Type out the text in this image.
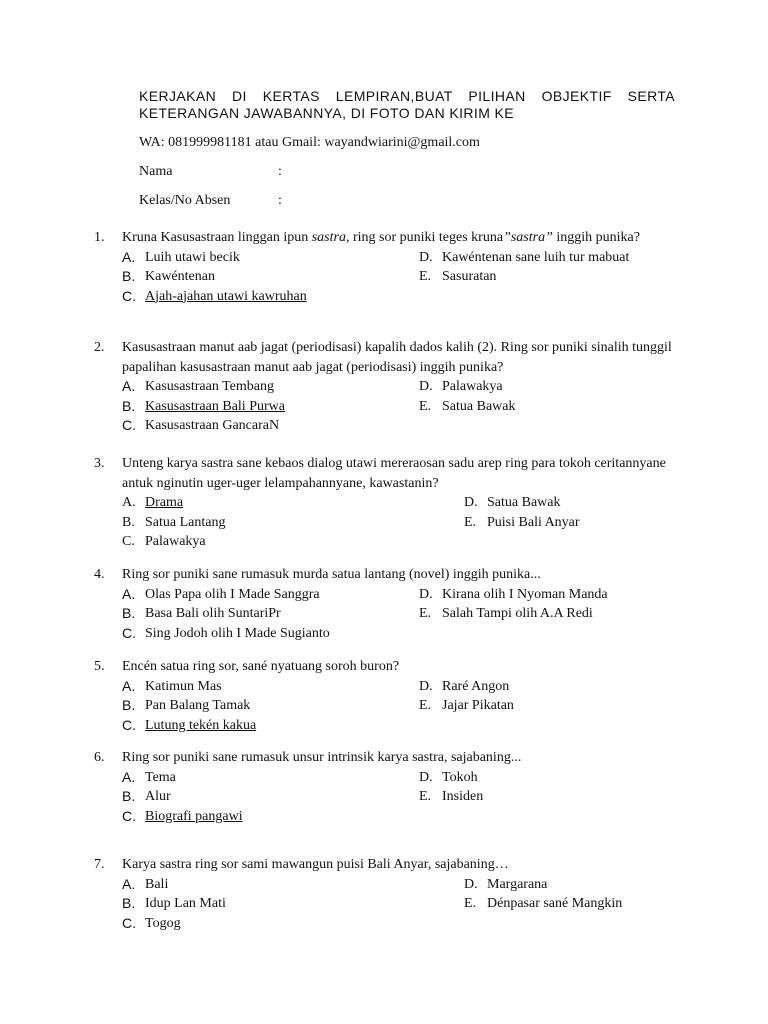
KERJAKAN DI KERTAS LEMPIRAN,BUAT PILIHAN OBJEKTIF SERTA KETERANGAN JAWABANNYA, DI FOTO DAN KIRIM KE
WA: 081999981181 atau Gmail: wayandwiarini@gmail.com
Nama	:
Kelas/No Absen	:
1.	Kruna Kasusastraan linggan ipun sastra, ring sor puniki teges kruna”sastra” inggih punika?
A. Luih utawi becik	D. Kawéntenan sane luih tur mabuat
B. Kawéntenan	E. Sasuratan
C. Ajah-ajahan utawi kawruhan
2.	Kasusastraan manut aab jagat (periodisasi) kapalih dados kalih (2). Ring sor puniki sinalih tunggil papalihan kasusastraan manut aab jagat (periodisasi) inggih punika?
A. Kasusastraan Tembang	D. Palawakya
B. Kasusastraan Bali Purwa	E. Satua Bawak
C. Kasusastraan GancaraN
3.	Unteng karya sastra sane kebaos dialog utawi mereraosan sadu arep ring para tokoh ceritannyane antuk nginutin uger-uger lelampahannyane, kawastanin?
A. Drama	D. Satua Bawak
B. Satua Lantang	E. Puisi Bali Anyar
C. Palawakya
4.	Ring sor puniki sane rumasuk murda satua lantang (novel) inggih punika...
A. Olas Papa olih I Made Sanggra	D. Kirana olih I Nyoman Manda
B. Basa Bali olih SuntariPr	E. Salah Tampi olih A.A Redi
C. Sing Jodoh olih I Made Sugianto
5.	Encén satua ring sor, sané nyatuang soroh buron?
A. Katimun Mas	D. Raré Angon
B. Pan Balang Tamak	E. Jajar Pikatan
C. Lutung tekén kakua
6.	Ring sor puniki sane rumasuk unsur intrinsik karya sastra, sajabaning...
A. Tema	D. Tokoh
B. Alur	E. Insiden
C. Biografi pangawi
7.	Karya sastra ring sor sami mawangun puisi Bali Anyar, sajabaning…
A. Bali	D. Margarana
B. Idup Lan Mati	E. Dénpasar sané Mangkin
C. Togog
